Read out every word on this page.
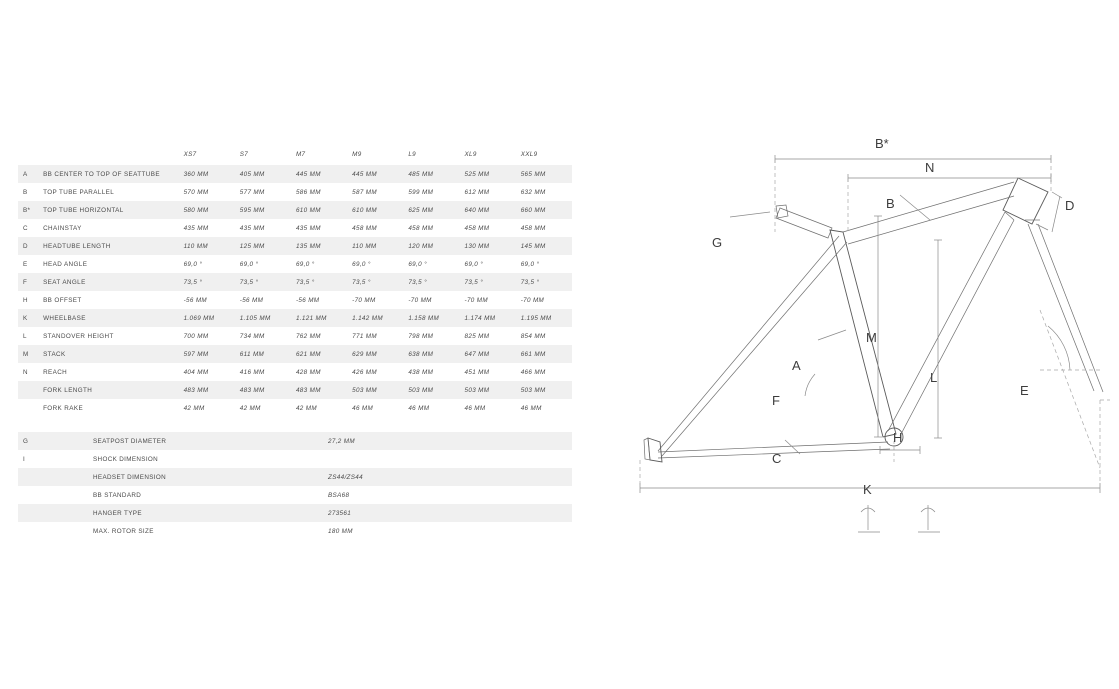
		XS7	S7	M7	M9	L9	XL9	XXL9
A	BB CENTER TO TOP OF SEATTUBE	360 MM	405 MM	445 MM	445 MM	485 MM	525 MM	565 MM
B	TOP TUBE PARALLEL	570 MM	577 MM	586 MM	587 MM	599 MM	612 MM	632 MM
B*	TOP TUBE HORIZONTAL	580 MM	595 MM	610 MM	610 MM	625 MM	640 MM	660 MM
C	CHAINSTAY	435 MM	435 MM	435 MM	458 MM	458 MM	458 MM	458 MM
D	HEADTUBE LENGTH	110 MM	125 MM	135 MM	110 MM	120 MM	130 MM	145 MM
E	HEAD ANGLE	69,0 °	69,0 °	69,0 °	69,0 °	69,0 °	69,0 °	69,0 °
F	SEAT ANGLE	73,5 °	73,5 °	73,5 °	73,5 °	73,5 °	73,5 °	73,5 °
H	BB OFFSET	-56 MM	-56 MM	-56 MM	-70 MM	-70 MM	-70 MM	-70 MM
K	WHEELBASE	1.069 MM	1.105 MM	1.121 MM	1.142 MM	1.158 MM	1.174 MM	1.195 MM
L	STANDOVER HEIGHT	700 MM	734 MM	762 MM	771 MM	798 MM	825 MM	854 MM
M	STACK	597 MM	611 MM	621 MM	629 MM	638 MM	647 MM	661 MM
N	REACH	404 MM	416 MM	428 MM	426 MM	438 MM	451 MM	466 MM
	FORK LENGTH	483 MM	483 MM	483 MM	503 MM	503 MM	503 MM	503 MM
	FORK RAKE	42 MM	42 MM	42 MM	46 MM	46 MM	46 MM	46 MM
G	SEATPOST DIAMETER	27,2 MM
I	SHOCK DIMENSION	
	HEADSET DIMENSION	ZS44/ZS44
	BB STANDARD	BSA68
	HANGER TYPE	273561
	MAX. ROTOR SIZE	180 MM
B*
N
B	D
G
M
A
F
L
E
H
C
K
